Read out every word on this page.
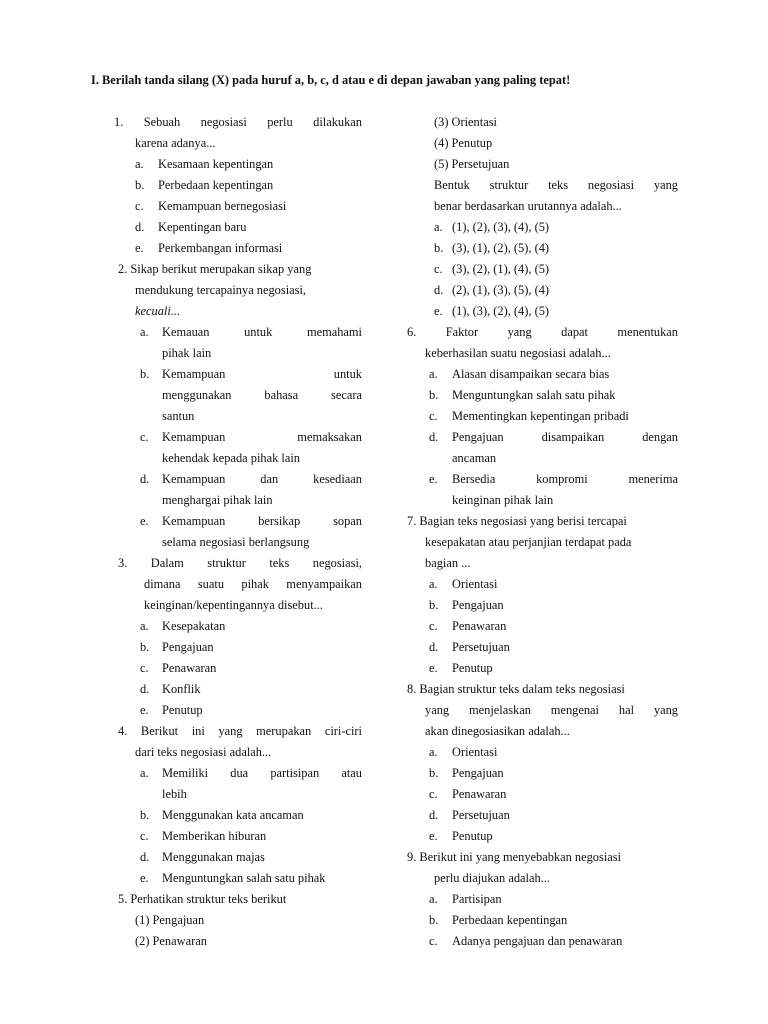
I. Berilah tanda silang (X) pada huruf a, b, c, d atau e di depan jawaban yang paling tepat!
1. Sebuah negosiasi perlu dilakukan
karena adanya...
a. Kesamaan kepentingan
b. Perbedaan kepentingan
c. Kemampuan bernegosiasi
d. Kepentingan baru
e. Perkembangan informasi
2. Sikap berikut merupakan sikap yang
mendukung tercapainya negosiasi,
kecuali...
a. Kemauan untuk memahami
pihak lain
b. Kemampuan untuk
menggunakan bahasa secara
santun
c. Kemampuan memaksakan
kehendak kepada pihak lain
d. Kemampuan dan kesediaan
menghargai pihak lain
e. Kemampuan bersikap sopan
selama negosiasi berlangsung
3. Dalam struktur teks negosiasi,
dimana suatu pihak menyampaikan
keinginan/kepentingannya disebut...
a. Kesepakatan
b. Pengajuan
c. Penawaran
d. Konflik
e. Penutup
4. Berikut ini yang merupakan ciri-ciri
dari teks negosiasi adalah...
a. Memiliki dua partisipan atau
lebih
b. Menggunakan kata ancaman
c. Memberikan hiburan
d. Menggunakan majas
e. Menguntungkan salah satu pihak
5. Perhatikan struktur teks berikut
(1) Pengajuan
(2) Penawaran
(3) Orientasi
(4) Penutup
(5) Persetujuan
Bentuk struktur teks negosiasi yang
benar berdasarkan urutannya adalah...
a. (1), (2), (3), (4), (5)
b. (3), (1), (2), (5), (4)
c. (3), (2), (1), (4), (5)
d. (2), (1), (3), (5), (4)
e. (1), (3), (2), (4), (5)
6. Faktor yang dapat menentukan
keberhasilan suatu negosiasi adalah...
a. Alasan disampaikan secara bias
b. Menguntungkan salah satu pihak
c. Mementingkan kepentingan pribadi
d. Pengajuan disampaikan dengan
ancaman
e. Bersedia kompromi menerima
keinginan pihak lain
7. Bagian teks negosiasi yang berisi tercapai
kesepakatan atau perjanjian terdapat pada
bagian ...
a. Orientasi
b. Pengajuan
c. Penawaran
d. Persetujuan
e. Penutup
8. Bagian struktur teks dalam teks negosiasi
yang menjelaskan mengenai hal yang
akan dinegosiasikan adalah...
a. Orientasi
b. Pengajuan
c. Penawaran
d. Persetujuan
e. Penutup
9. Berikut ini yang menyebabkan negosiasi
perlu diajukan adalah...
a. Partisipan
b. Perbedaan kepentingan
c. Adanya pengajuan dan penawaran
